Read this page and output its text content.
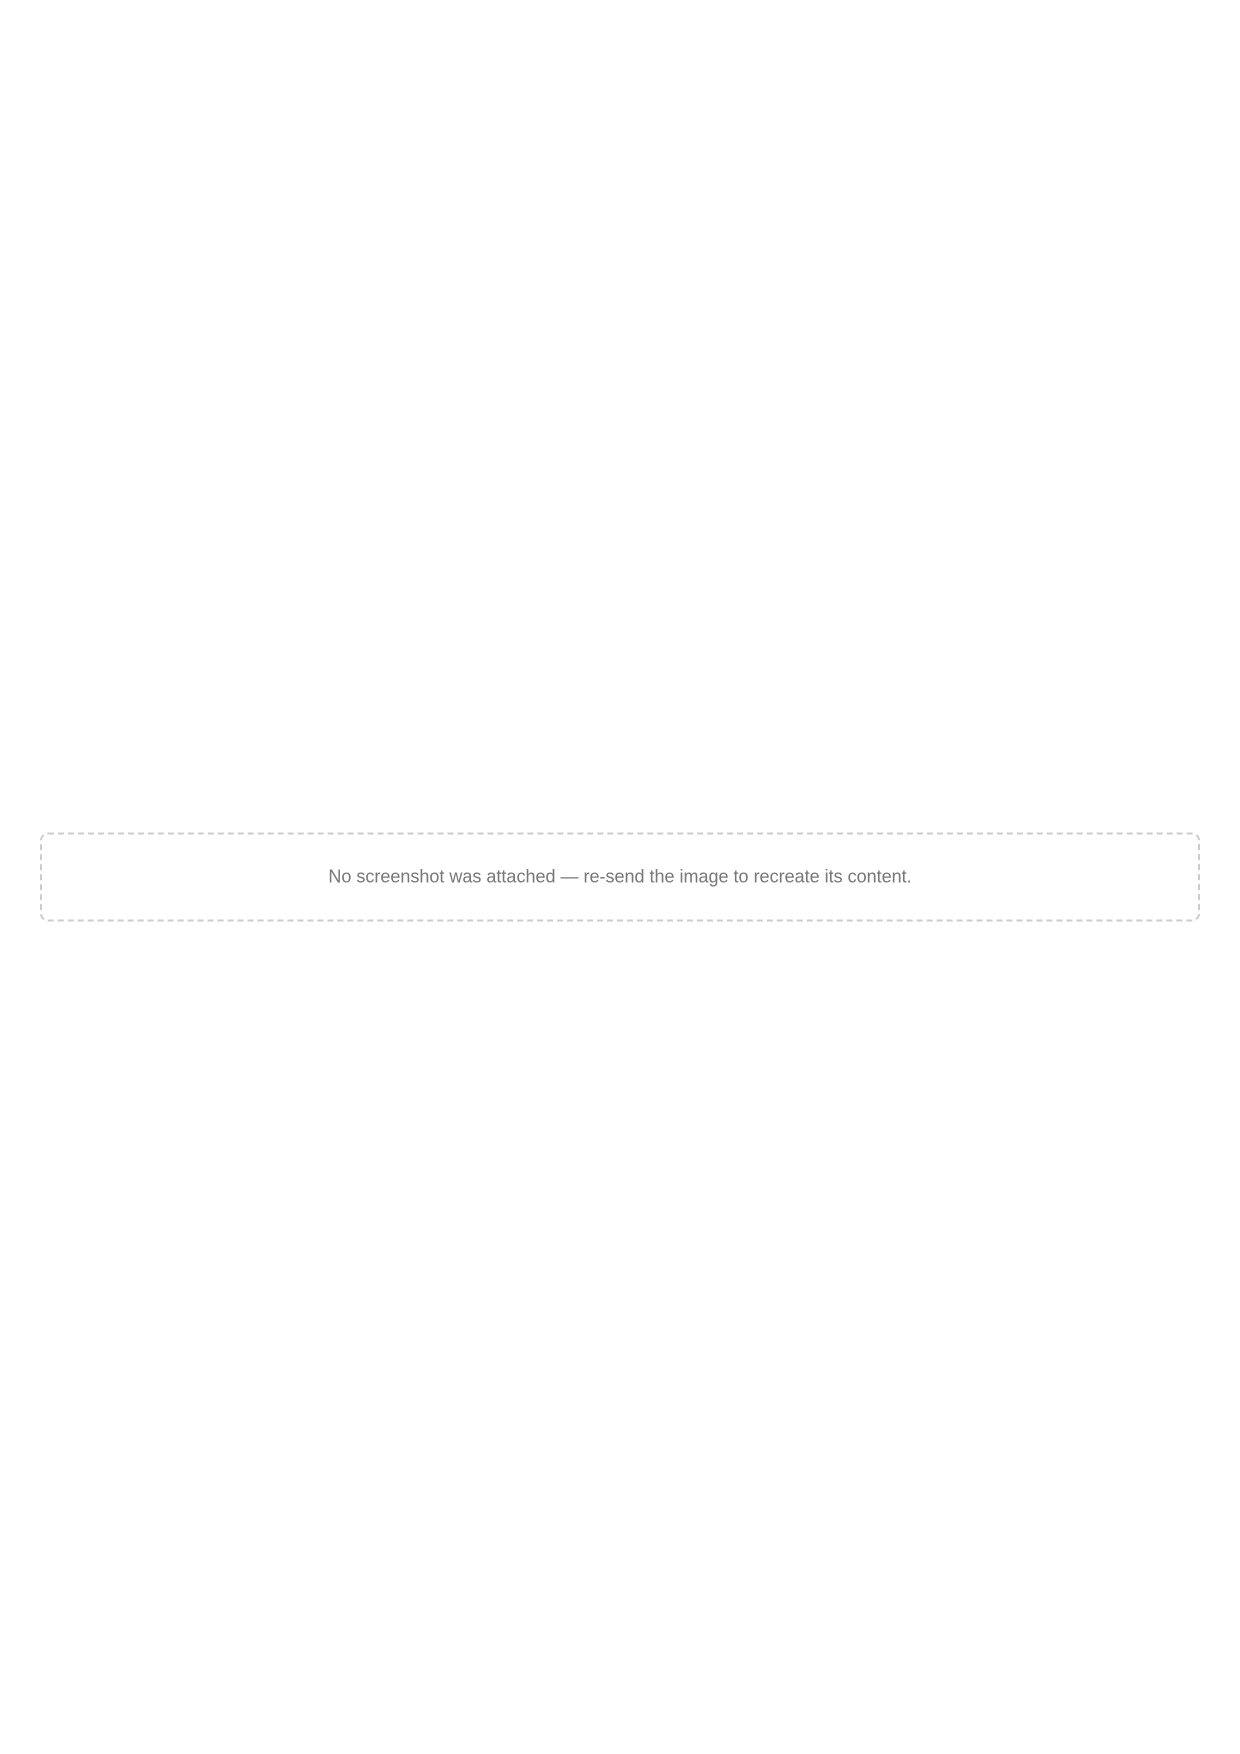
No screenshot was attached — re-send the image to recreate its content.
